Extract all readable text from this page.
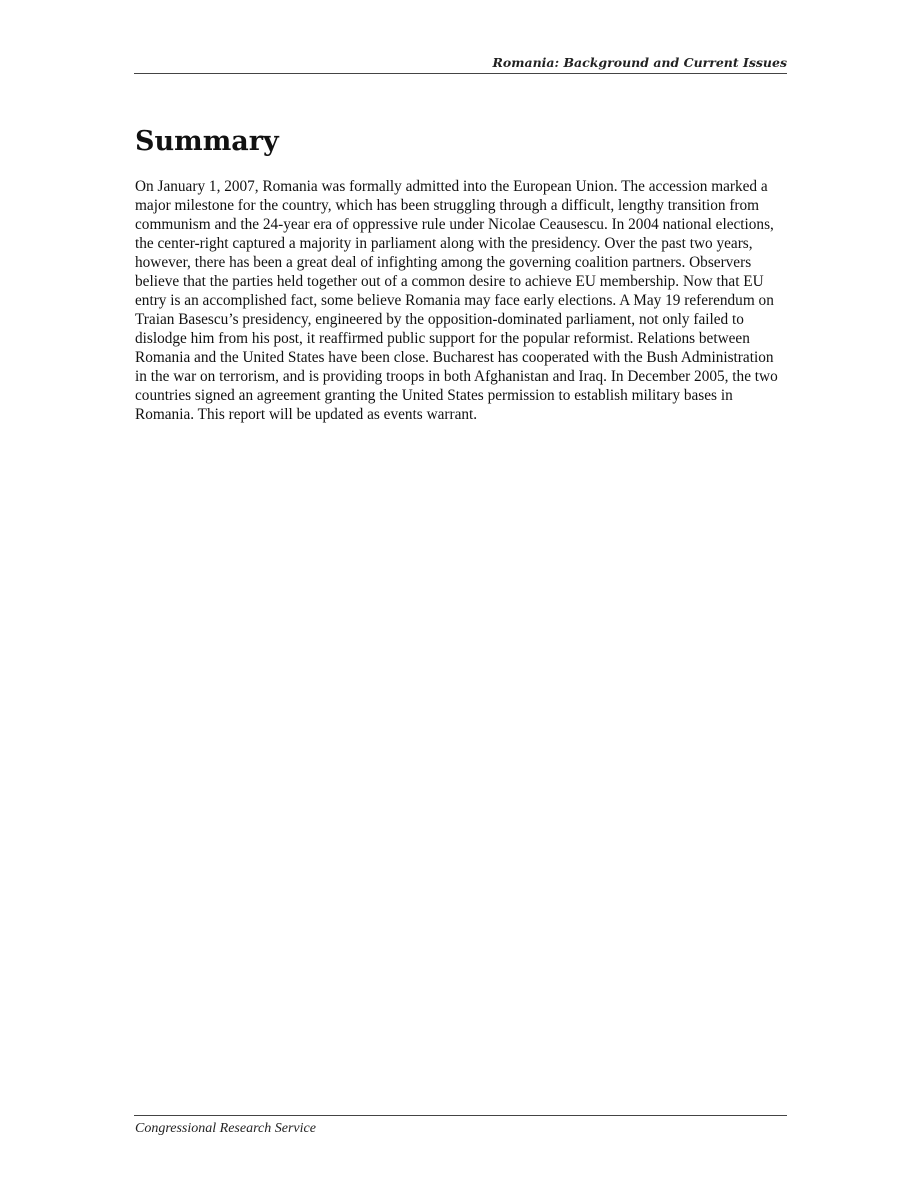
Romania: Background and Current Issues
Summary

On January 1, 2007, Romania was formally admitted into the European Union. The accession marked a major milestone for the country, which has been struggling through a difficult, lengthy transition from communism and the 24-year era of oppressive rule under Nicolae Ceausescu. In 2004 national elections, the center-right captured a majority in parliament along with the presidency. Over the past two years, however, there has been a great deal of infighting among the governing coalition partners. Observers believe that the parties held together out of a common desire to achieve EU membership. Now that EU entry is an accomplished fact, some believe Romania may face early elections. A May 19 referendum on Traian Basescu’s presidency, engineered by the opposition-dominated parliament, not only failed to dislodge him from his post, it reaffirmed public support for the popular reformist. Relations between Romania and the United States have been close. Bucharest has cooperated with the Bush Administration in the war on terrorism, and is providing troops in both Afghanistan and Iraq. In December 2005, the two countries signed an agreement granting the United States permission to establish military bases in Romania. This report will be updated as events warrant.

Congressional Research Service
